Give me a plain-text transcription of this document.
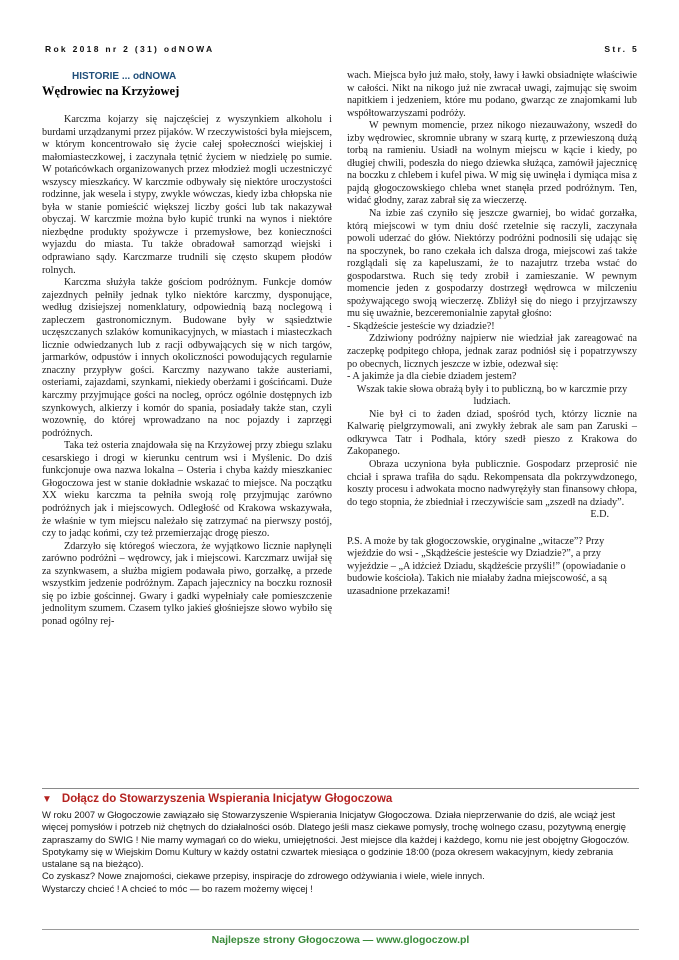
Rok 2018 nr 2 (31) odNOWA	Str. 5
HISTORIE ... odNOWA
Wędrowiec na Krzyżowej

Karczma kojarzy się najczęściej z wyszynkiem alkoholu i burdami urządzanymi przez pijaków. W rzeczywistości była miejscem, w którym koncentrowało się życie całej społeczności wiejskiej i małomiasteczkowej, i zaczynała tętnić życiem w niedzielę po sumie. W potańcówkach organizowanych przez młodzież mogli uczestniczyć wszyscy mieszkańcy. W karczmie odbywały się niektóre uroczystości rodzinne, jak wesela i stypy, zwykle wówczas, kiedy izba chłopska nie była w stanie pomieścić większej liczby gości lub tak nakazywał obyczaj. W karczmie można było kupić trunki na wynos i niektóre niezbędne produkty spożywcze i przemysłowe, bez konieczności wyjazdu do miasta. Tu także obradował samorząd wiejski i odprawiano sądy. Karczmarze trudnili się często skupem płodów rolnych.

Karczma służyła także gościom podróżnym. Funkcje domów zajezdnych pełniły jednak tylko niektóre karczmy, dysponujące, według dzisiejszej nomenklatury, odpowiednią bazą noclegową i zapleczem gastronomicznym. Budowane były w sąsiedztwie uczęszczanych szlaków komunikacyjnych, w miastach i miasteczkach licznie odwiedzanych lub z racji odbywających się w nich targów, jarmarków, odpustów i innych okoliczności powodujących regularnie znaczny przypływ gości. Karczmy nazywano także austeriami, osteriami, zajazdami, szynkami, niekiedy oberżami i gościńcami. Duże karczmy przyjmujące gości na nocleg, oprócz ogólnie dostępnych izb szynkowych, alkierzy i komór do spania, posiadały także stan, czyli wozownię, do której wprowadzano na noc pojazdy i zaprzęgi podróżnych.

Taka też osteria znajdowała się na Krzyżowej przy zbiegu szlaku cesarskiego i drogi w kierunku centrum wsi i Myślenic. Do dziś funkcjonuje owa nazwa lokalna – Osteria i chyba każdy mieszkaniec Głogoczowa jest w stanie dokładnie wskazać to miejsce. Na początku XX wieku karczma ta pełniła swoją rolę przyjmując zarówno podróżnych jak i miejscowych. Odległość od Krakowa wskazywała, że właśnie w tym miejscu należało się zatrzymać na pierwszy postój, czy to jadąc końmi, czy też przemierzając drogę pieszo.

Zdarzyło się któregoś wieczora, że wyjątkowo licznie napłynęli zarówno podróżni – wędrowcy, jak i miejscowi. Karczmarz uwijał się za szynkwasem, a służba migiem podawała piwo, gorzałkę, a przede wszystkim jedzenie podróżnym. Zapach jajecznicy na boczku roznosił się po izbie gościnnej. Gwary i gadki wypełniały całe pomieszczenie jednolitym szumem. Czasem tylko jakieś głośniejsze słowo wybiło się ponad ogólny rej-

wach. Miejsca było już mało, stoły, ławy i ławki obsiadnięte właściwie w całości. Nikt na nikogo już nie zwracał uwagi, zajmując się swoim napitkiem i jedzeniem, które mu podano, gwarząc ze znajomkami lub współtowarzyszami podróży.

W pewnym momencie, przez nikogo niezauważony, wszedł do izby wędrowiec, skromnie ubrany w szarą kurtę, z przewieszoną dużą torbą na ramieniu. Usiadł na wolnym miejscu w kącie i kiedy, po długiej chwili, podeszła do niego dziewka służąca, zamówił jajecznicę na boczku z chlebem i kufel piwa. W mig się uwinęła i dymiąca misa z pajdą głogoczowskiego chleba wnet stanęła przed podróżnym. Ten, widać głodny, zaraz zabrał się za wieczerzę.

Na izbie zaś czyniło się jeszcze gwarniej, bo widać gorzałka, którą miejscowi w tym dniu dość rzetelnie się raczyli, zaczynała powoli uderzać do głów. Niektórzy podróżni podnosili się udając się na spoczynek, bo rano czekała ich dalsza droga, miejscowi zaś także rozglądali się za kapeluszami, że to nazajutrz trzeba wstać do gospodarstwa. Ruch się tedy zrobił i zamieszanie. W pewnym momencie jeden z gospodarzy dostrzegł wędrowca w milczeniu spożywającego swoją wieczerzę. Zbliżył się do niego i przyjrzawszy mu się uważnie, bezceremonialnie zapytał głośno:

- Skądżeście jesteście wy dziadzie?!

Zdziwiony podróżny najpierw nie wiedział jak zareagować na zaczepkę podpitego chłopa, jednak zaraz podniósł się i popatrzywszy po obecnych, licznych jeszcze w izbie, odezwał się:

- A jakimże ja dla ciebie dziadem jestem?

Wszak takie słowa obrażą były i to publiczną, bo w karczmie przy ludziach.

Nie był ci to żaden dziad, spośród tych, którzy licznie na Kalwarię pielgrzymowali, ani zwykły żebrak ale sam pan Zaruski – odkrywca Tatr i Podhala, który szedł pieszo z Krakowa do Zakopanego.

Obraza uczyniona była publicznie. Gospodarz przeprosić nie chciał i sprawa trafiła do sądu. Rekompensata dla pokrzywdzonego, koszty procesu i adwokata mocno nadwyrężyły stan finansowy chłopa, do tego stopnia, że zbiedniał i rzeczywiście sam „zszedł na dziady”.

E.D.

P.S. A może by tak głogoczowskie, oryginalne „witacze”? Przy wjeździe do wsi - „Skądżeście jesteście wy Dziadzie?”, a przy wyjeździe – „A idźcież Dziadu, skądżeście przyśli!” (opowiadanie o budowie kościoła). Takich nie miałaby żadna miejscowość, a są uzasadnione przekazami!

▼ Dołącz do Stowarzyszenia Wspierania Inicjatyw Głogoczowa

W roku 2007 w Głogoczowie zawiązało się Stowarzyszenie Wspierania Inicjatyw Głogoczowa. Działa nieprzerwanie do dziś, ale wciąż jest więcej pomysłów i potrzeb niż chętnych do działalności osób. Dlatego jeśli masz ciekawe pomysły, trochę wolnego czasu, pozytywną energię zapraszamy do SWIG ! Nie mamy wymagań co do wieku, umiejętności. Jest miejsce dla każdej i każdego, komu nie jest obojętny Głogoczów. Spotykamy się w Wiejskim Domu Kultury w każdy ostatni czwartek miesiąca o godzinie 18:00 (poza okresem wakacyjnym, kiedy zebrania ustalane są na bieżąco).

Co zyskasz? Nowe znajomości, ciekawe przepisy, inspiracje do zdrowego odżywiania i wiele, wiele innych.

Wystarczy chcieć ! A chcieć to móc — bo razem możemy więcej !

Najlepsze strony Głogoczowa — www.glogoczow.pl
